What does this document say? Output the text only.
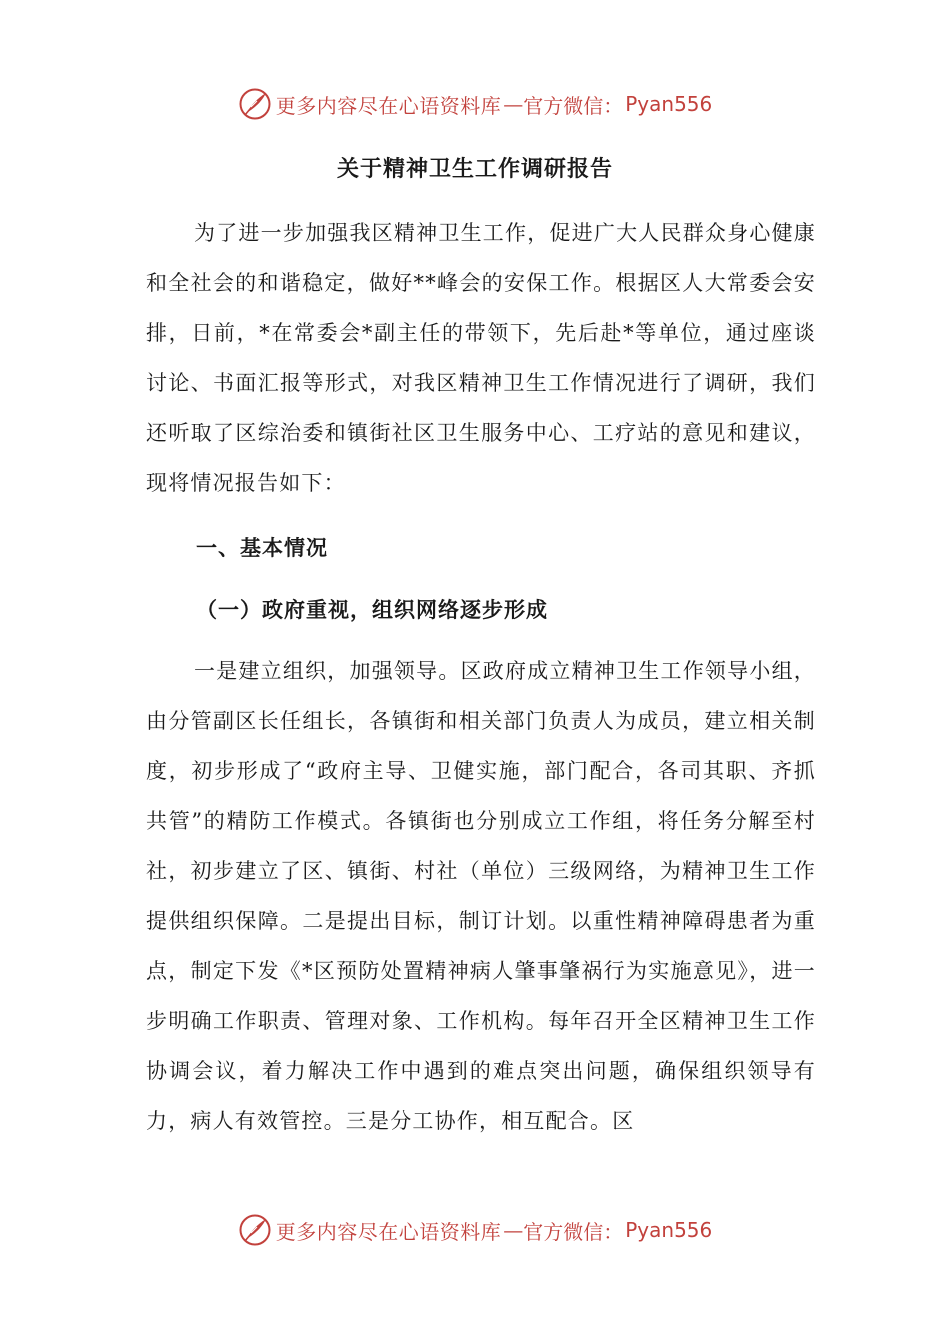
更多内容尽在心语资料库 — 官方微信： Pyan556
关于精神卫生工作调研报告

为了进一步加强我区精神卫生工作，促进广大人民群众身心健康和全社会的和谐稳定，做好**峰会的安保工作。根据区人大常委会安排，日前，*在常委会*副主任的带领下，先后赴*等单位，通过座谈讨论、书面汇报等形式，对我区精神卫生工作情况进行了调研，我们还听取了区综治委和镇街社区卫生服务中心、工疗站的意见和建议，现将情况报告如下：

一、基本情况
（一）政府重视，组织网络逐步形成

一是建立组织，加强领导。区政府成立精神卫生工作领导小组，由分管副区长任组长，各镇街和相关部门负责人为成员，建立相关制度，初步形成了“政府主导、卫健实施，部门配合，各司其职、齐抓共管”的精防工作模式。各镇街也分别成立工作组，将任务分解至村社，初步建立了区、镇街、村社（单位）三级网络，为精神卫生工作提供组织保障。二是提出目标，制订计划。以重性精神障碍患者为重点，制定下发《*区预防处置精神病人肇事肇祸行为实施意见》，进一步明确工作职责、管理对象、工作机构。每年召开全区精神卫生工作协调会议，着力解决工作中遇到的难点突出问题，确保组织领导有力，病人有效管控。三是分工协作，相互配合。区

更多内容尽在心语资料库 — 官方微信： Pyan556
